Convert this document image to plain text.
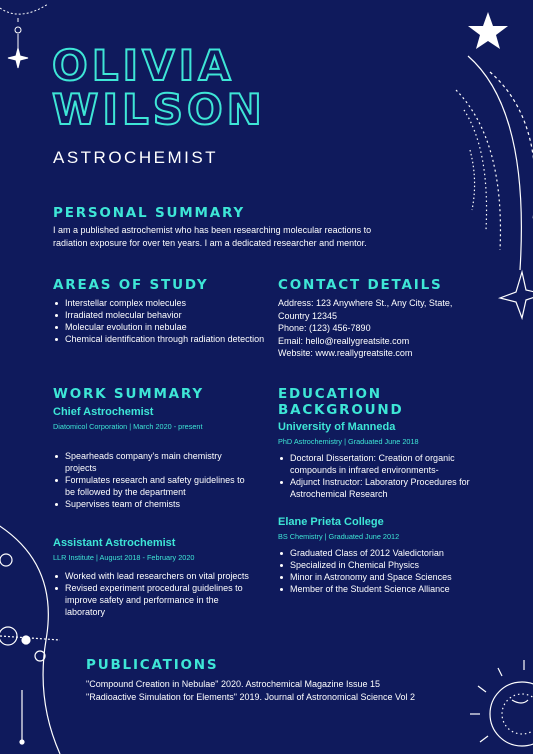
OLIVIA
WILSON
ASTROCHEMIST
PERSONAL SUMMARY

I am a published astrochemist who has been researching molecular reactions to radiation exposure for over ten years. I am a dedicated researcher and mentor.

AREAS OF STUDY
Interstellar complex molecules
Irradiated molecular behavior
Molecular evolution in nebulae
Chemical identification through radiation detection
CONTACT DETAILS

Address: 123 Anywhere St., Any City, State, Country 12345

Phone: (123) 456-7890

Email: hello@reallygreatsite.com

Website: www.reallygreatsite.com

WORK SUMMARY

Chief Astrochemist

Diatomicol Corporation | March 2020 - present

Spearheads company's main chemistry projects
Formulates research and safety guidelines to be followed by the department
Supervises team of chemists

Assistant Astrochemist

LLR Institute | August 2018 - February 2020

Worked with lead researchers on vital projects
Revised experiment procedural guidelines to improve safety and performance in the laboratory
EDUCATION
BACKGROUND

University of Manneda

PhD Astrochemistry | Graduated June 2018

Doctoral Dissertation: Creation of organic compounds in infrared environments-
Adjunct Instructor: Laboratory Procedures for Astrochemical Research

Elane Prieta College

BS Chemistry | Graduated June 2012

Graduated Class of 2012 Valedictorian
Specialized in Chemical Physics
Minor in Astronomy and Space Sciences
Member of the Student Science Alliance
PUBLICATIONS

"Compound Creation in Nebulae" 2020. Astrochemical Magazine Issue 15

"Radioactive Simulation for Elements" 2019. Journal of Astronomical Science Vol 2
